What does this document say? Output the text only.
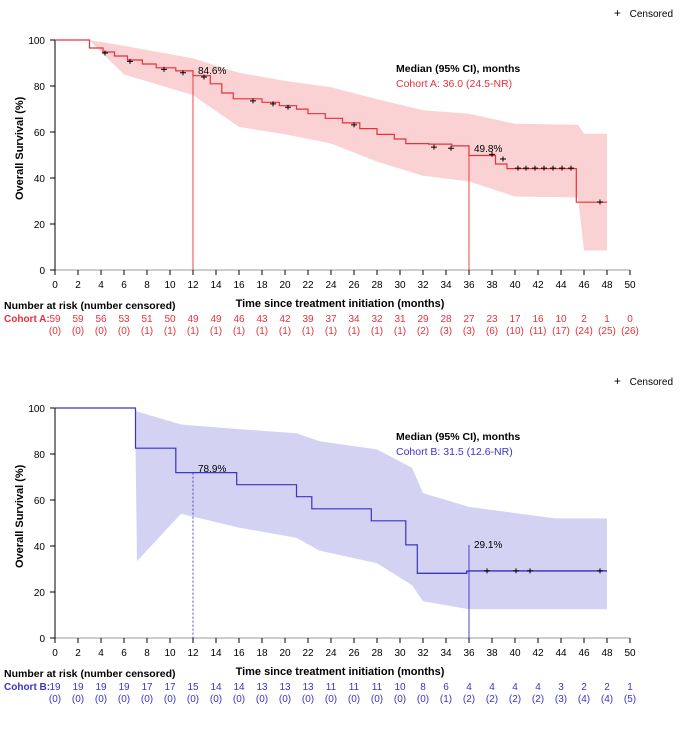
0
20
40
60
80
100
0 2 4 6 8 10 12 14 16 18 20 22 24 26 28 30 32 34 36 38 40 42 44 46 48 50
Overall Survival (%)
Time since treatment initiation (months)
+ Censored
Median (95% CI), months
Cohort A: 36.0 (24.5-NR)
84.6%
49.8%
Number at risk (number censored)
Cohort A: 59
(0)
59
(0)
56
(0)
53
(0)
51
(1)
50
(1)
49
(1)
49
(1)
46
(1)
43
(1)
42
(1)
39
(1)
37
(1)
34
(1)
32
(1)
31
(1)
29
(2)
28
(3)
27
(3)
23
(6)
17
(10)
16
(11)
10
(17)
2
(24)
1
(25)
0
(26)
0
20
40
60
80
100
0 2 4 6 8 10 12 14 16 18 20 22 24 26 28 30 32 34 36 38 40 42 44 46 48 50
Overall Survival (%)
Time since treatment initiation (months)
+ Censored
Median (95% CI), months
Cohort B: 31.5 (12.6-NR)
78.9%
29.1%
Number at risk (number censored)
Cohort B: 19
(0)
19
(0)
19
(0)
19
(0)
17
(0)
17
(0)
15
(0)
14
(0)
14
(0)
13
(0)
13
(0)
13
(0)
11
(0)
11
(0)
11
(0)
10
(0)
8
(0)
6
(1)
4
(2)
4
(2)
4
(2)
4
(2)
3
(3)
2
(4)
2
(4)
1
(5)
